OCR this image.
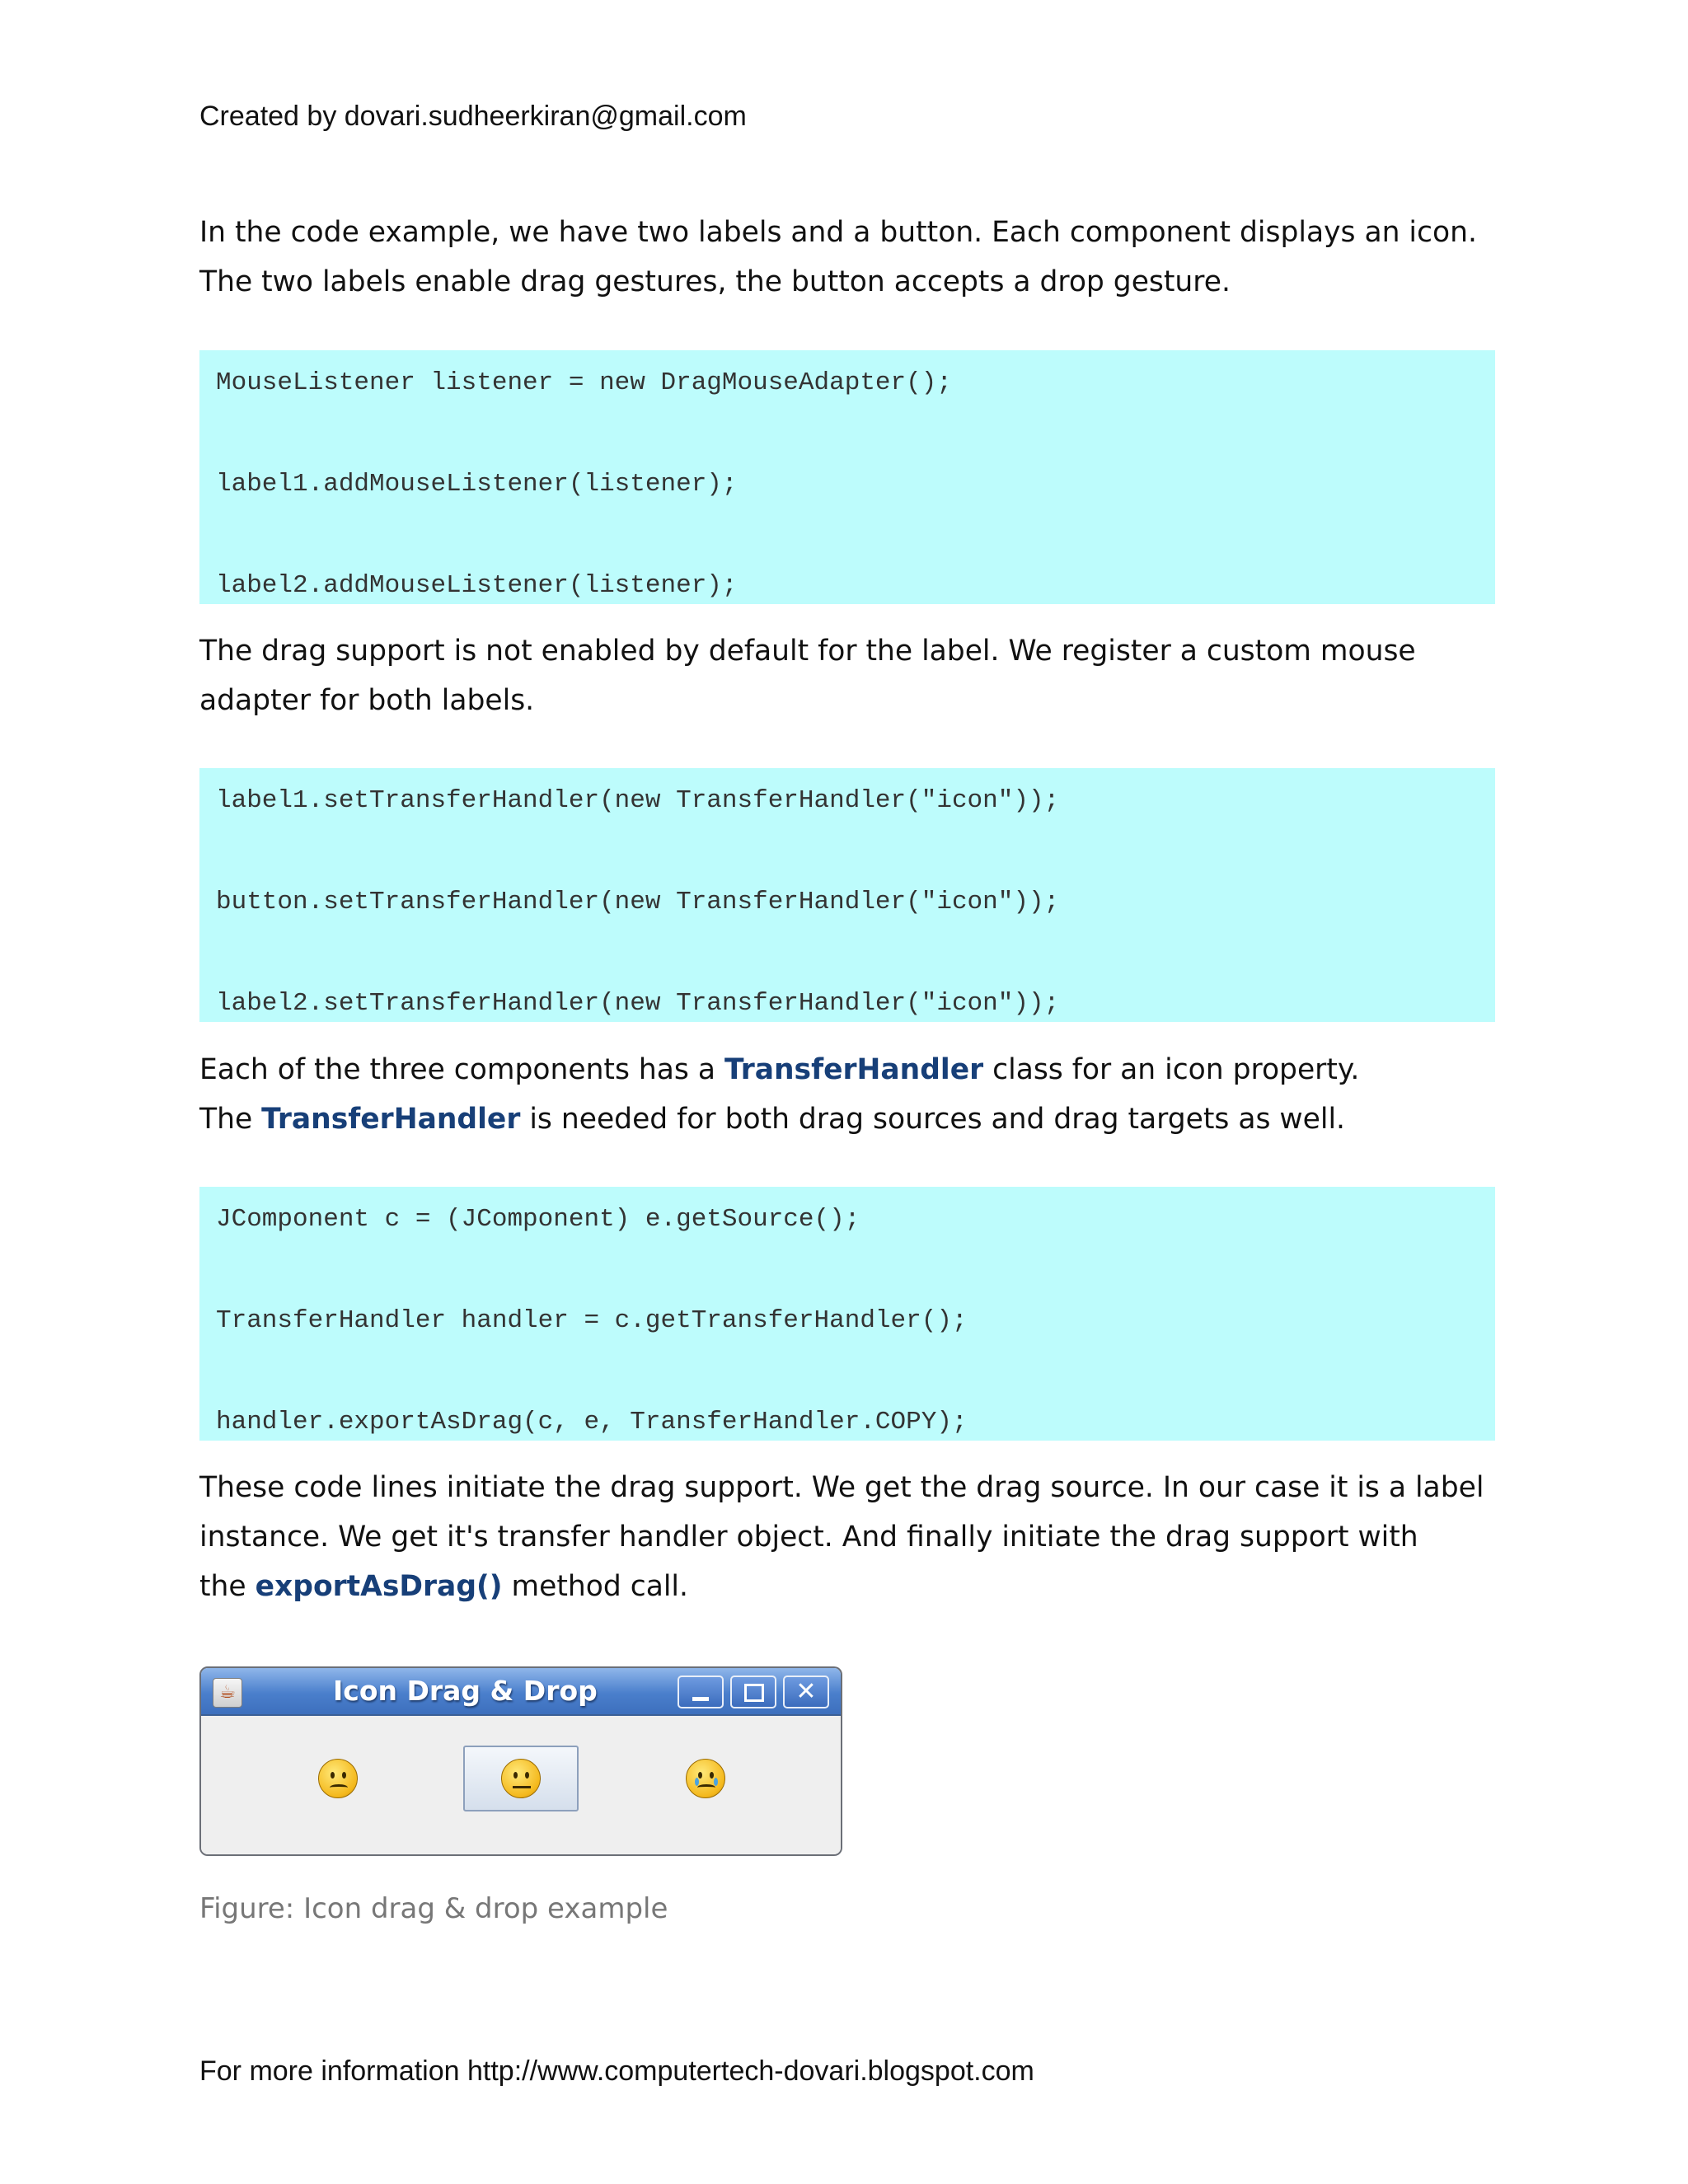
Created by dovari.sudheerkiran@gmail.com

In the code example, we have two labels and a button. Each component displays an icon.
The two labels enable drag gestures, the button accepts a drop gesture.

MouseListener listener = new DragMouseAdapter();
label1.addMouseListener(listener);
label2.addMouseListener(listener);

The drag support is not enabled by default for the label. We register a custom mouse
adapter for both labels.

label1.setTransferHandler(new TransferHandler("icon"));
button.setTransferHandler(new TransferHandler("icon"));
label2.setTransferHandler(new TransferHandler("icon"));

Each of the three components has a TransferHandler class for an icon property.
The TransferHandler is needed for both drag sources and drag targets as well.

JComponent c = (JComponent) e.getSource();
TransferHandler handler = c.getTransferHandler();
handler.exportAsDrag(c, e, TransferHandler.COPY);

These code lines initiate the drag support. We get the drag source. In our case it is a label
instance. We get it's transfer handler object. And finally initiate the drag support with
the exportAsDrag() method call.

☕	Icon Drag & Drop	✕
Figure: Icon drag & drop example
For more information http://www.computertech-dovari.blogspot.com
